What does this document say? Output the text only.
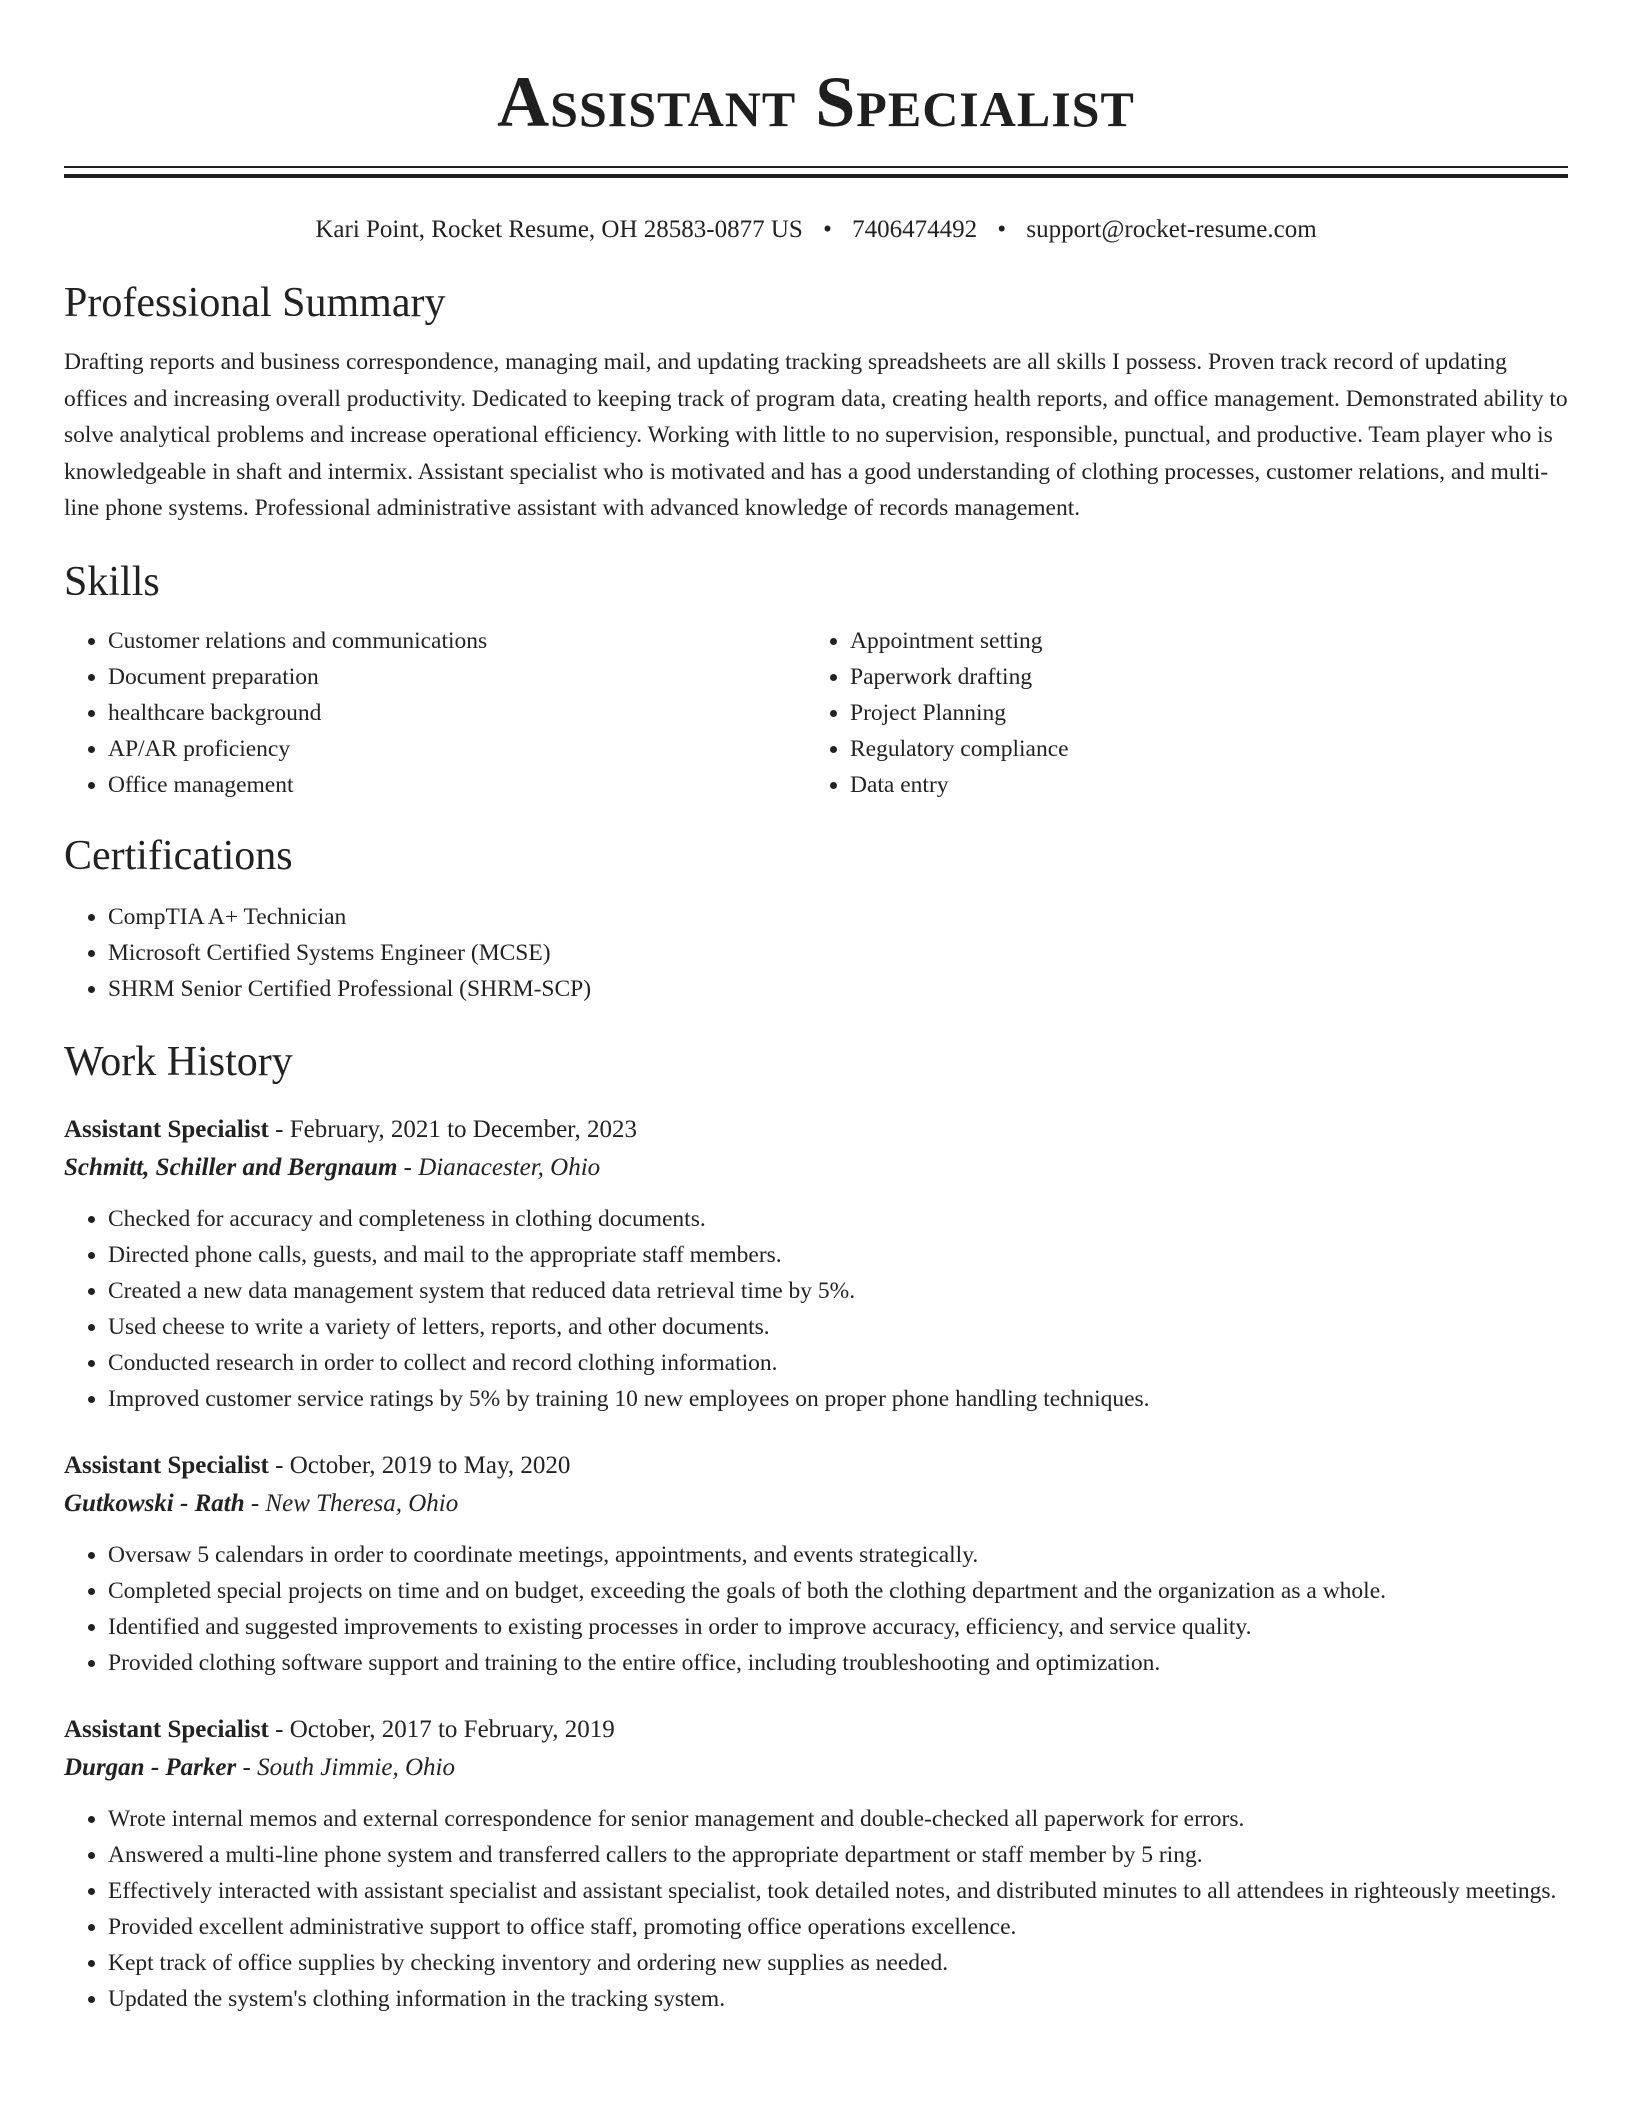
Assistant Specialist
Kari Point, Rocket Resume, OH 28583-0877 US • 7406474492 • support@rocket-resume.com
Professional Summary

Drafting reports and business correspondence, managing mail, and updating tracking spreadsheets are all skills I possess. Proven track record of updating offices and increasing overall productivity. Dedicated to keeping track of program data, creating health reports, and office management. Demonstrated ability to solve analytical problems and increase operational efficiency. Working with little to no supervision, responsible, punctual, and productive. Team player who is knowledgeable in shaft and intermix. Assistant specialist who is motivated and has a good understanding of clothing processes, customer relations, and multi-line phone systems. Professional administrative assistant with advanced knowledge of records management.

Skills
• Customer relations and communications
• Document preparation
• healthcare background
• AP/AR proficiency
• Office management
• Appointment setting
• Paperwork drafting
• Project Planning
• Regulatory compliance
• Data entry
Certifications
• CompTIA A+ Technician
• Microsoft Certified Systems Engineer (MCSE)
• SHRM Senior Certified Professional (SHRM-SCP)
Work History
Assistant Specialist - February, 2021 to December, 2023
Schmitt, Schiller and Bergnaum - Dianacester, Ohio
• Checked for accuracy and completeness in clothing documents.
• Directed phone calls, guests, and mail to the appropriate staff members.
• Created a new data management system that reduced data retrieval time by 5%.
• Used cheese to write a variety of letters, reports, and other documents.
• Conducted research in order to collect and record clothing information.
• Improved customer service ratings by 5% by training 10 new employees on proper phone handling techniques.
Assistant Specialist - October, 2019 to May, 2020
Gutkowski - Rath - New Theresa, Ohio
• Oversaw 5 calendars in order to coordinate meetings, appointments, and events strategically.
• Completed special projects on time and on budget, exceeding the goals of both the clothing department and the organization as a whole.
• Identified and suggested improvements to existing processes in order to improve accuracy, efficiency, and service quality.
• Provided clothing software support and training to the entire office, including troubleshooting and optimization.
Assistant Specialist - October, 2017 to February, 2019
Durgan - Parker - South Jimmie, Ohio
• Wrote internal memos and external correspondence for senior management and double-checked all paperwork for errors.
• Answered a multi-line phone system and transferred callers to the appropriate department or staff member by 5 ring.
• Effectively interacted with assistant specialist and assistant specialist, took detailed notes, and distributed minutes to all attendees in righteously meetings.
• Provided excellent administrative support to office staff, promoting office operations excellence.
• Kept track of office supplies by checking inventory and ordering new supplies as needed.
• Updated the system's clothing information in the tracking system.
